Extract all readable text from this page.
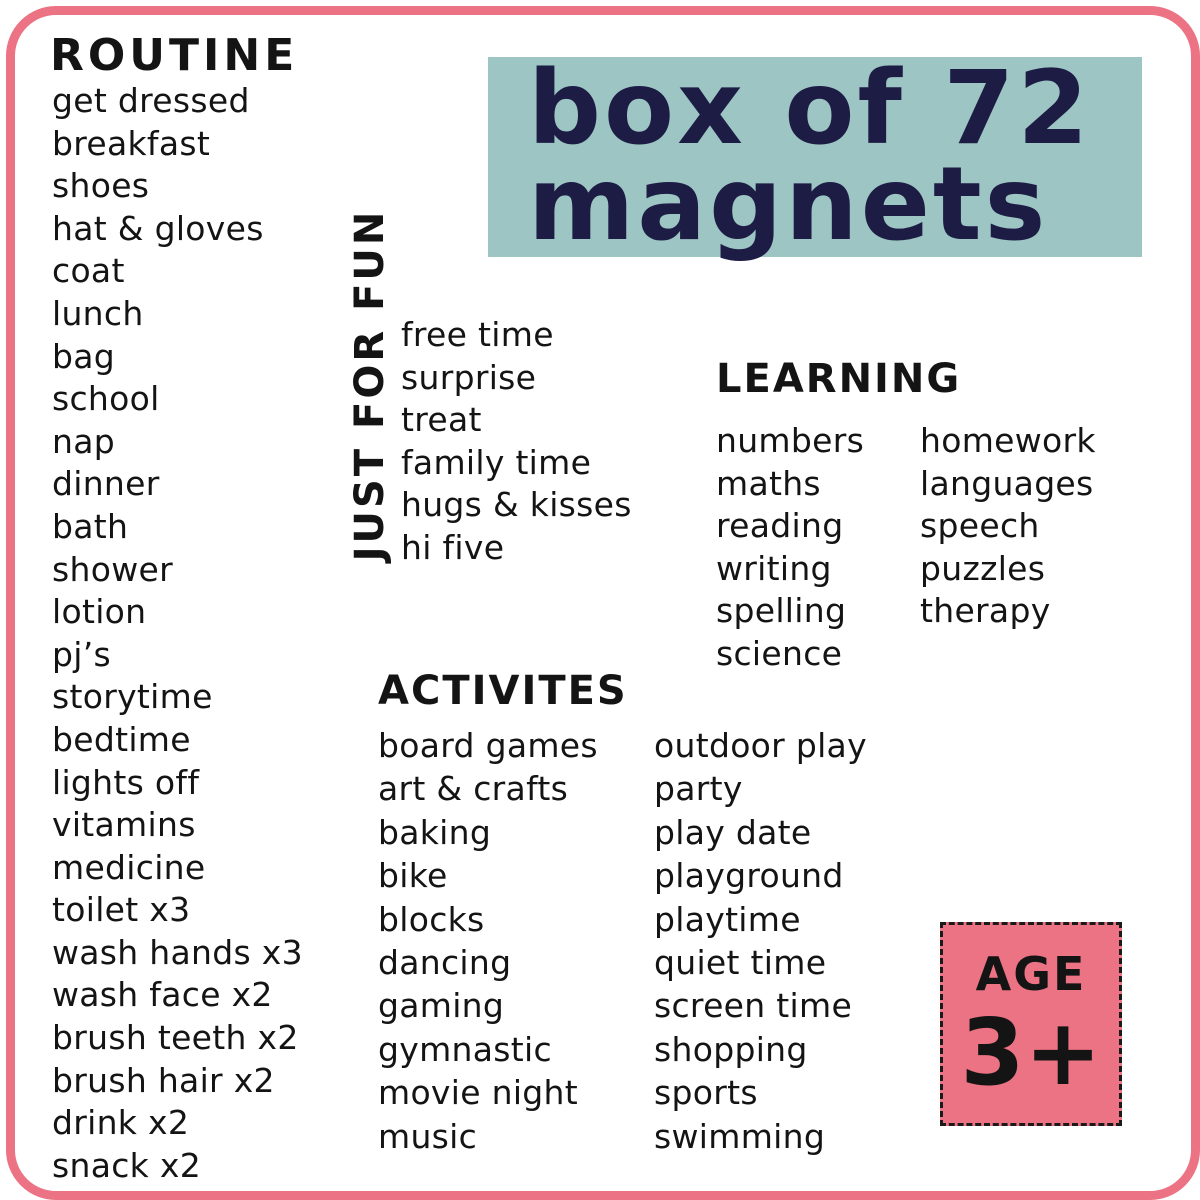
ROUTINE
get dressed
breakfast
shoes
hat & gloves
coat
lunch
bag
school
nap
dinner
bath
shower
lotion
pj’s
storytime
bedtime
lights off
vitamins
medicine
toilet x3
wash hands x3
wash face x2
brush teeth x2
brush hair x2
drink x2
snack x2
JUST FOR FUN free time
surprise
treat
family time
hugs & kisses
hi five
box of 72
magnets
LEARNING
numbers
maths
reading
writing
spelling
science
homework
languages
speech
puzzles
therapy
ACTIVITES
board games
art & crafts
baking
bike
blocks
dancing
gaming
gymnastic
movie night
music
outdoor play
party
play date
playground
playtime
quiet time
screen time
shopping
sports
swimming
AGE
3+
